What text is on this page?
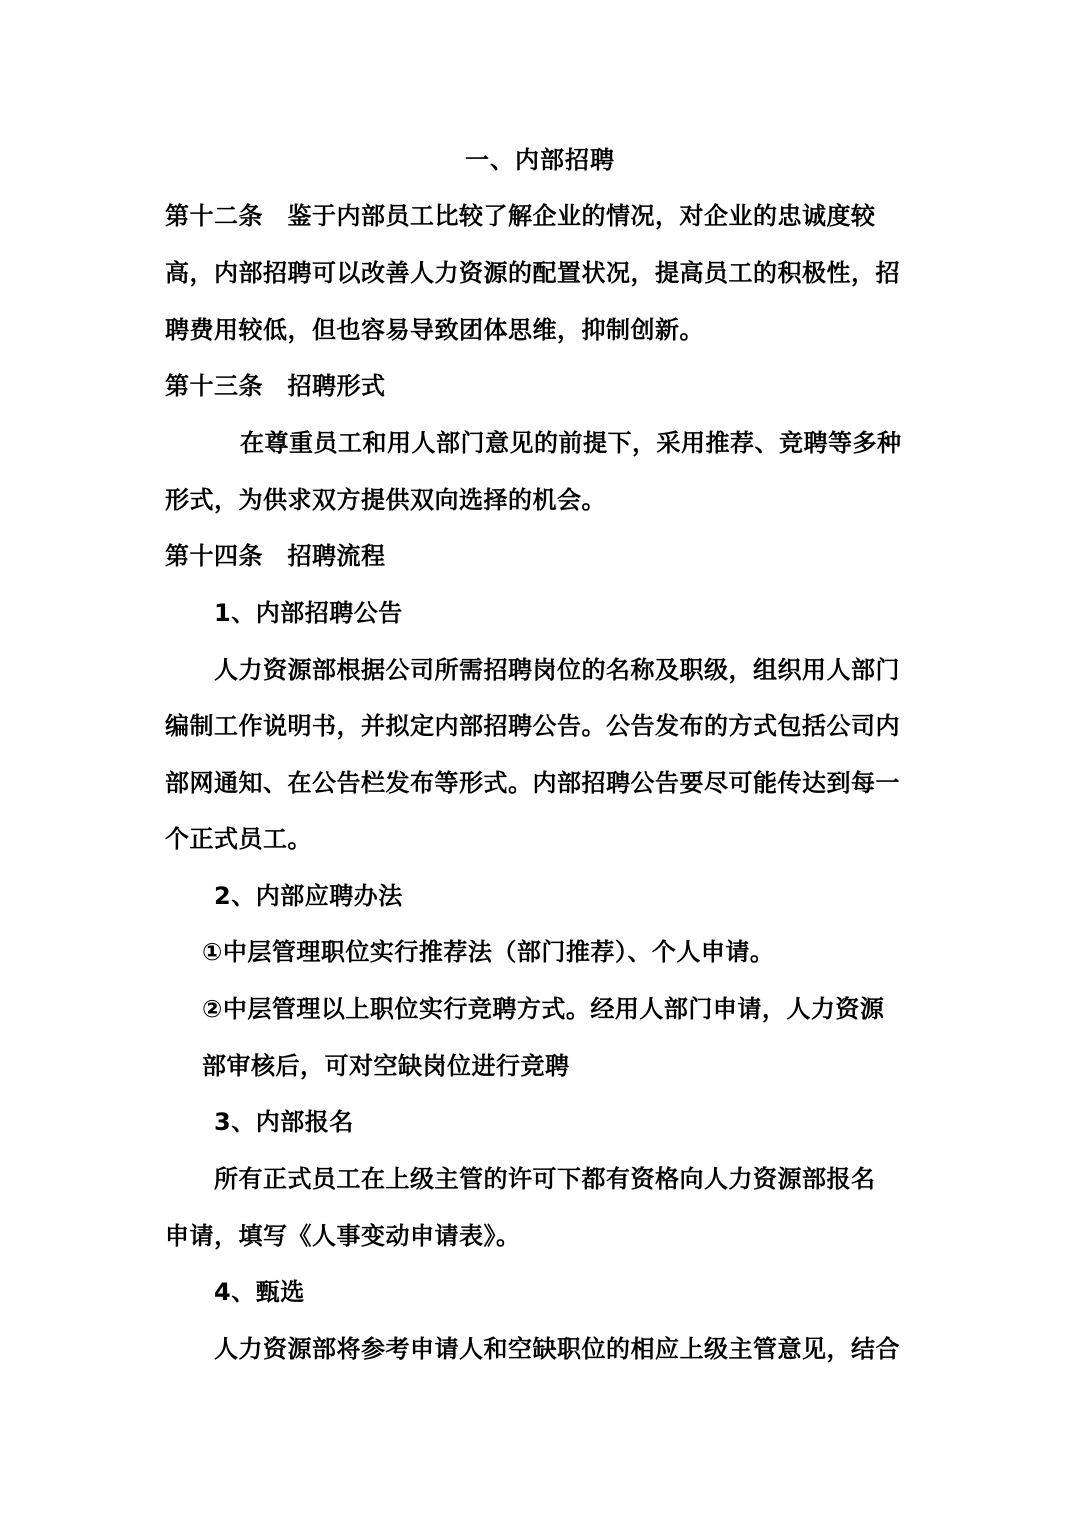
一、内部招聘
第十二条　鉴于内部员工比较了解企业的情况，对企业的忠诚度较
高，内部招聘可以改善人力资源的配置状况，提高员工的积极性，招
聘费用较低，但也容易导致团体思维，抑制创新。
第十三条　招聘形式
在尊重员工和用人部门意见的前提下，采用推荐、竞聘等多种
形式，为供求双方提供双向选择的机会。
第十四条　招聘流程
1、内部招聘公告
人力资源部根据公司所需招聘岗位的名称及职级，组织用人部门
编制工作说明书，并拟定内部招聘公告。公告发布的方式包括公司内
部网通知、在公告栏发布等形式。内部招聘公告要尽可能传达到每一
个正式员工。
2、内部应聘办法
①中层管理职位实行推荐法（部门推荐）、个人申请。
②中层管理以上职位实行竞聘方式。经用人部门申请，人力资源
部审核后，可对空缺岗位进行竞聘
3、内部报名
所有正式员工在上级主管的许可下都有资格向人力资源部报名
申请，填写《人事变动申请表》。
4、甄选
人力资源部将参考申请人和空缺职位的相应上级主管意见，结合
